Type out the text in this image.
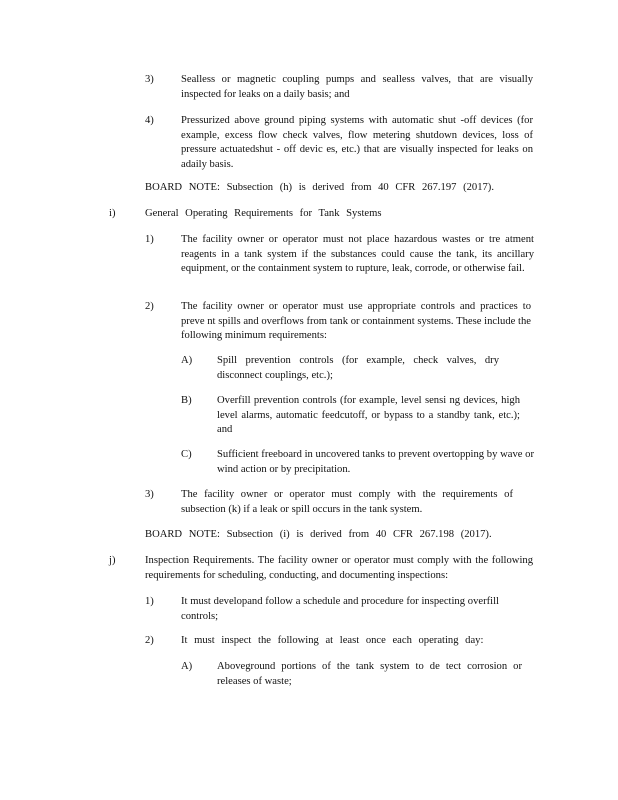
3)	Sealless or magnetic coupling pumps and sealless valves, that are visually inspected for leaks on a daily basis; and
4)	Pressurized above ground piping systems with automatic shut -off devices (for example, excess flow check valves, flow metering shutdown devices, loss of pressure actuatedshut - off devic es, etc.) that are visually inspected for leaks on adaily basis.
BOARD NOTE: Subsection (h) is derived from 40 CFR 267.197 (2017).
i)	General Operating Requirements for Tank Systems
1)	The facility owner or operator must not place hazardous wastes or tre atment reagents in a tank system if the substances could cause the tank, its ancillary equipment, or the containment system to rupture, leak, corrode, or otherwise fail.
2)	The facility owner or operator must use appropriate controls and practices to preve nt spills and overflows from tank or containment systems. These include the following minimum requirements:
A) Spill prevention controls (for example, check valves, dry disconnect couplings, etc.);
B) Overfill prevention controls (for example, level sensi ng devices, high level alarms, automatic feedcutoff, or bypass to a standby tank, etc.); and
C) Sufficient freeboard in uncovered tanks to prevent overtopping by wave or wind action or by precipitation.
3)	The facility owner or operator must comply with the requirements of subsection (k) if a leak or spill occurs in the tank system.
BOARD NOTE: Subsection (i) is derived from 40 CFR 267.198 (2017).
j)	Inspection Requirements. The facility owner or operator must comply with the following requirements for scheduling, conducting, and documenting inspections:
1)	It must developand follow a schedule and procedure for inspecting overfill controls;
2)	It must inspect the following at least once each operating day:
A) Aboveground portions of the tank system to de tect corrosion or releases of waste;
